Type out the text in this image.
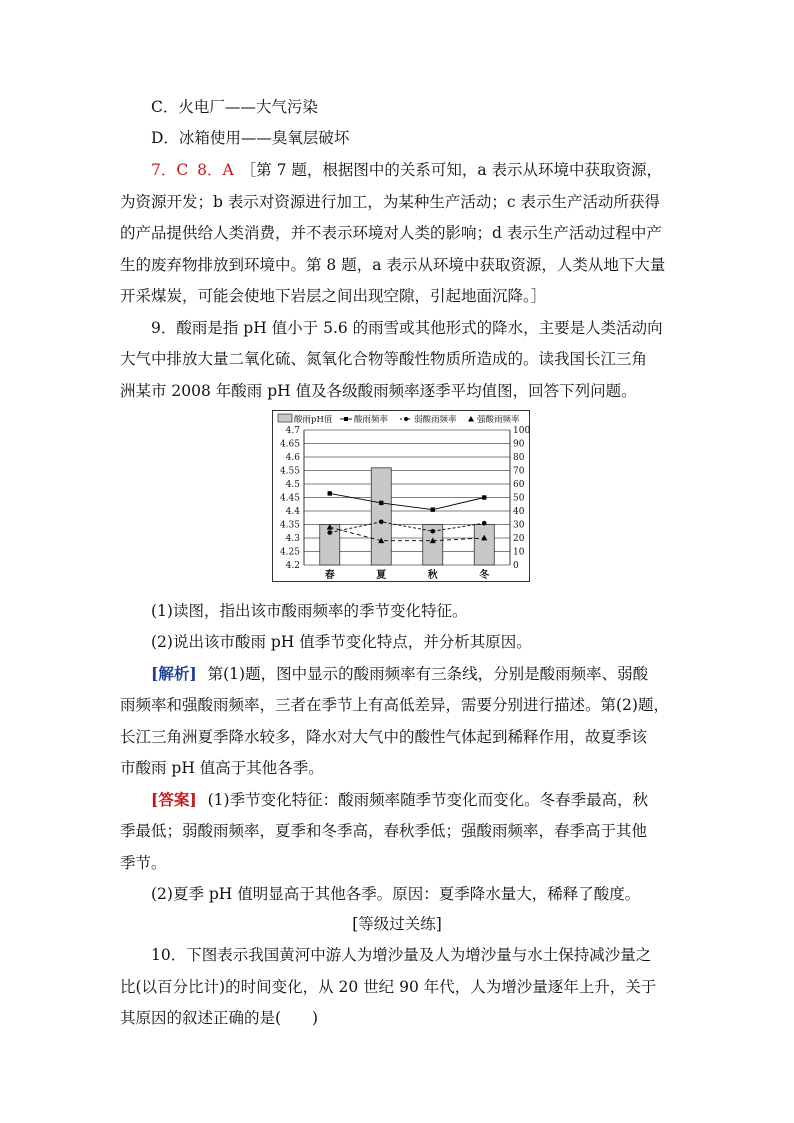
C．火电厂——大气污染
D．冰箱使用——臭氧层破坏
7．C 8．A ［第 7 题，根据图中的关系可知，a 表示从环境中获取资源，
为资源开发；b 表示对资源进行加工，为某种生产活动；c 表示生产活动所获得
的产品提供给人类消费，并不表示环境对人类的影响；d 表示生产活动过程中产
生的废弃物排放到环境中。第 8 题，a 表示从环境中获取资源，人类从地下大量
开采煤炭，可能会使地下岩层之间出现空隙，引起地面沉降。］
9．酸雨是指 pH 值小于 5.6 的雨雪或其他形式的降水，主要是人类活动向
大气中排放大量二氧化硫、氮氧化合物等酸性物质所造成的。读我国长江三角
洲某市 2008 年酸雨 pH 值及各级酸雨频率逐季平均值图，回答下列问题。
酸雨pH值	酸雨频率	弱酸雨频率 强酸雨频率
4.7	100
4.65	90
4.6	80
4.55	70
4.5	60
4.45	50
4.4	40
4.35	30
4.3	20
4.25	10
4.2	0
春	夏	秋	冬
(1)读图，指出该市酸雨频率的季节变化特征。
(2)说出该市酸雨 pH 值季节变化特点，并分析其原因。
[解析] 第(1)题，图中显示的酸雨频率有三条线，分别是酸雨频率、弱酸
雨频率和强酸雨频率，三者在季节上有高低差异，需要分别进行描述。第(2)题，
长江三角洲夏季降水较多，降水对大气中的酸性气体起到稀释作用，故夏季该
市酸雨 pH 值高于其他各季。
[答案] (1)季节变化特征：酸雨频率随季节变化而变化。冬春季最高，秋
季最低；弱酸雨频率，夏季和冬季高，春秋季低；强酸雨频率，春季高于其他
季节。
(2)夏季 pH 值明显高于其他各季。原因：夏季降水量大，稀释了酸度。
[等级过关练]
10．下图表示我国黄河中游人为增沙量及人为增沙量与水土保持减沙量之
比(以百分比计)的时间变化，从 20 世纪 90 年代，人为增沙量逐年上升，关于
其原因的叙述正确的是(　　)
